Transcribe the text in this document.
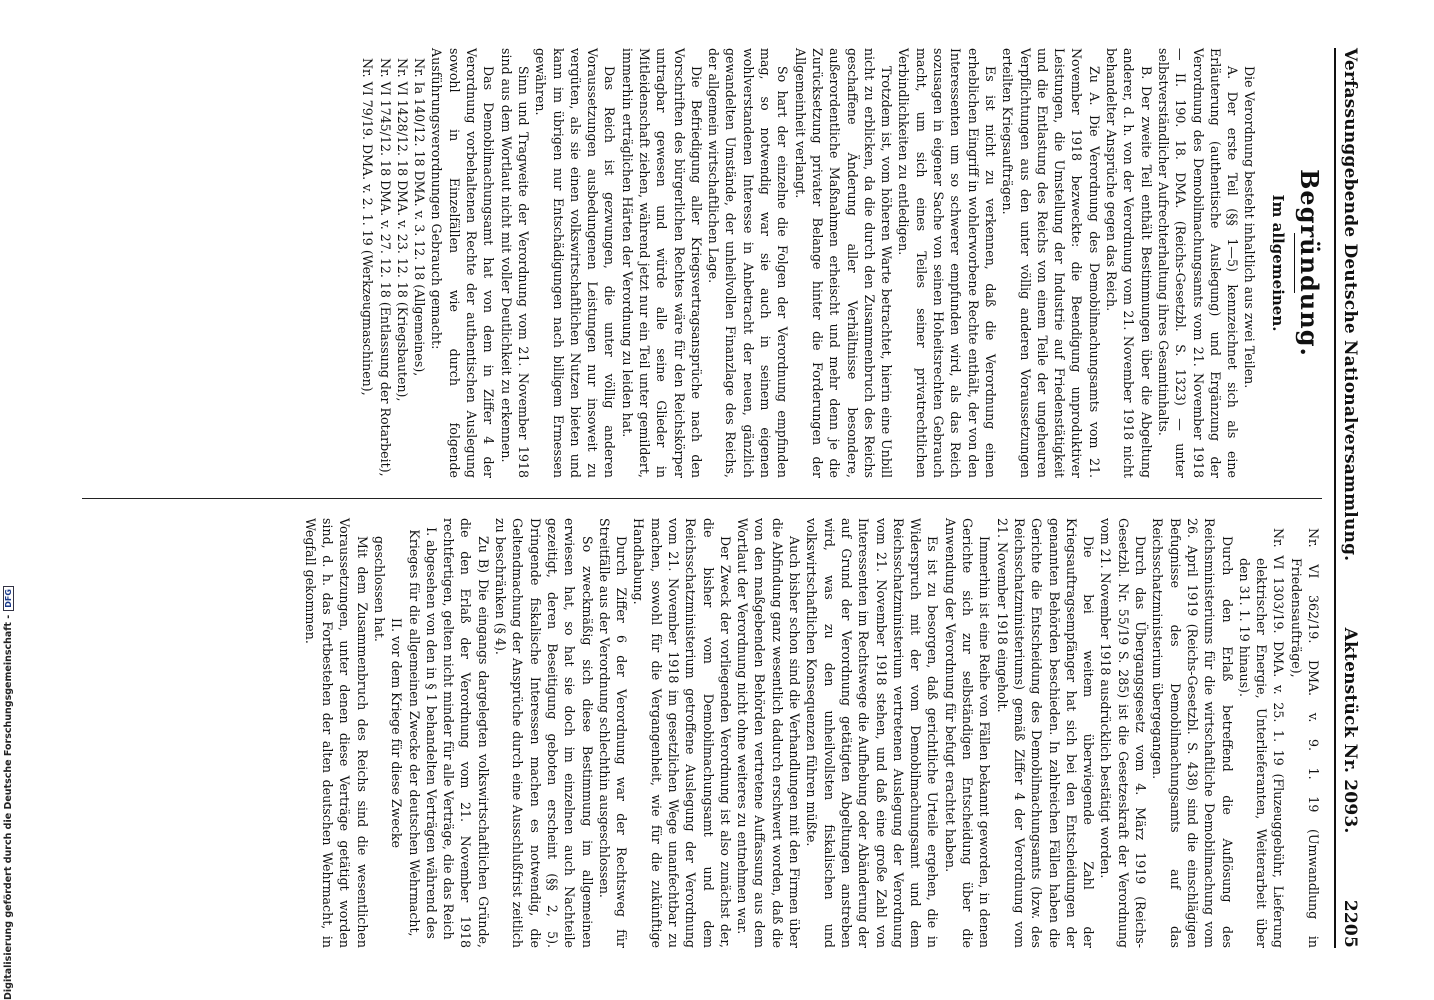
Verfassunggebende Deutsche Nationalversammlung.
Aktenstück Nr. 2093.
2205
Begründung.
Im allgemeinen.

Die Verordnung besteht inhaltlich aus zwei Teilen.

A. Der erste Teil (§§ 1—5) kennzeichnet sich als eine Erläuterung (authentische Auslegung) und Ergänzung der Verordnung des Demobilmachungsamts vom 21. November 1918 — II. 190. 18. DMA. (Reichs-Gesetzbl. S. 1323) — unter selbstverständlicher Aufrechterhaltung ihres Gesamtinhalts.

B. Der zweite Teil enthält Bestimmungen über die Abgeltung anderer, d. h. von der Verordnung vom 21. November 1918 nicht behandelter Ansprüche gegen das Reich.

Zu A. Die Verordnung des Demobilmachungsamts vom 21. November 1918 bezweckte: die Beendigung unproduktiver Leistungen, die Umstellung der Industrie auf Friedenstätigkeit und die Entlastung des Reichs von einem Teile der ungeheuren Verpflichtungen aus den unter völlig anderen Voraussetzungen erteilten Kriegsaufträgen.

Es ist nicht zu verkennen, daß die Verordnung einen erheblichen Eingriff in wohlerworbene Rechte enthält, der von den Interessenten um so schwerer empfunden wird, als das Reich sozusagen in eigener Sache von seinen Hoheitsrechten Gebrauch macht, um sich eines Teiles seiner privatrechtlichen Verbindlichkeiten zu entledigen.

Trotzdem ist, vom höheren Warte betrachtet, hierin eine Unbill nicht zu erblicken, da die durch den Zusammenbruch des Reichs geschaffene Änderung aller Verhältnisse besondere, außerordentliche Maßnahmen erheischt und mehr denn je die Zurücksetzung privater Belange hinter die Forderungen der Allgemeinheit verlangt.

So hart der einzelne die Folgen der Verordnung empfinden mag, so notwendig war sie auch in seinem eigenen wohlverstandenen Interesse in Anbetracht der neuen, gänzlich gewandelten Umstände, der unheilvollen Finanzlage des Reichs, der allgemein wirtschaftlichen Lage.

Die Befriedigung aller Kriegsvertragsansprüche nach den Vorschriften des bürgerlichen Rechtes wäre für den Reichskörper untragbar gewesen und würde alle seine Glieder in Mitleidenschaft ziehen, während jetzt nur ein Teil unter gemildert, immerhin erträglichen Härten der Verordnung zu leiden hat.

Das Reich ist gezwungen, die unter völlig anderen Voraussetzungen ausbedungenen Leistungen nur insoweit zu vergüten, als sie einen volkswirtschaftlichen Nutzen bieten und kann im übrigen nur Entschädigungen nach billigem Ermessen gewähren.

Sinn und Tragweite der Verordnung vom 21. November 1918 sind aus dem Wortlaut nicht mit voller Deutlichkeit zu erkennen.

Das Demobilmachungsamt hat von dem in Ziffer 4 der Verordnung vorbehaltenen Rechte der authentischen Auslegung sowohl in Einzelfällen wie durch folgende Ausführungsverordnungen Gebrauch gemacht:

Nr. Ia 140/12. 18 DMA. v. 3. 12. 18 (Allgemeines),

Nr. VI 1428/12. 18 DMA. v. 23. 12. 18 (Kriegsbauten),

Nr. VI 1745/12. 18 DMA. v. 27. 12. 18 (Entlassung der Rotarbeit),

Nr. VI 79/19. DMA. v. 2. 1. 19 (Werkzeugmaschinen),

Nr. VI 362/19. DMA. v. 9. 1. 19 (Umwandlung in Friedensaufträge),

Nr. VI 1303/19. DMA. v. 25. 1. 19 (Fluzeuggebühr, Lieferung elektrischer Energie, Unterlieferanten, Weiterarbeit über den 31. 1. 19 hinaus).

Durch den Erlaß betreffend die Auflösung des Reichsministeriums für die wirtschaftliche Demobilmachung vom 26. April 1919 (Reichs-Gesetzbl. S. 438) sind die einschlägigen Befugnisse des Demobilmachungsamts auf das Reichsschatzministerium übergegangen.

Durch das Übergangsgesetz vom 4. März 1919 (Reichs-Gesetzbl. Nr. 55/19 S. 285) ist die Gesetzeskraft der Verordnung vom 21. November 1918 ausdrücklich bestätigt worden.

Die bei weitem überwiegende Zahl der Kriegsauftragsempfänger hat sich bei den Entscheidungen der genannten Behörden beschieden. In zahlreichen Fällen haben die Gerichte die Entscheidung des Demobilmachungsamts (bzw. des Reichsschatzministeriums) gemäß Ziffer 4 der Verordnung vom 21. November 1918 eingeholt.

Immerhin ist eine Reihe von Fällen bekannt geworden, in denen Gerichte sich zur selbständigen Entscheidung über die Anwendung der Verordnung für befugt erachtet haben.

Es ist zu besorgen, daß gerichtliche Urteile ergehen, die in Widerspruch mit der vom Demobilmachungsamt und dem Reichsschatzministerium vertretenen Auslegung der Verordnung vom 21. November 1918 stehen, und daß eine große Zahl von Interessenten im Rechtswege die Aufhebung oder Abänderung der auf Grund der Verordnung getätigten Abgeltungen anstreben wird, was zu den unheilvollsten fiskalischen und volkswirtschaftlichen Konsequenzen führen müßte.

Auch bisher schon sind die Verhandlungen mit den Firmen über die Abfindung ganz wesentlich dadurch erschwert worden, daß die von den maßgebenden Behörden vertretene Auffassung aus dem Wortlaut der Verordnung nicht ohne weiteres zu entnehmen war.

Der Zweck der vorliegenden Verordnung ist also zunächst der, die bisher vom Demobilmachungsamt und dem Reichsschatzministerium getroffene Auslegung der Verordnung vom 21. November 1918 im gesetzlichen Wege unanfechtbar zu machen, sowohl für die Vergangenheit, wie für die zukünftige Handhabung.

Durch Ziffer 6 der Verordnung war der Rechtsweg für Streitfälle aus der Verordnung schlechthin ausgeschlossen.

So zweckmäßig sich diese Bestimmung im allgemeinen erwiesen hat, so hat sie doch im einzelnen auch Nachteile gezeitigt, deren Beseitigung geboten erscheint (§§ 2, 5). Dringende fiskalische Interessen machen es notwendig, die Geltendmachung der Ansprüche durch eine Ausschlußfrist zeitlich zu beschränken (§ 4).

Zu B) Die eingangs dargelegten volkswirtschaftlichen Gründe, die den Erlaß der Verordnung vom 21. November 1918 rechtfertigen, gelten nicht minder für alle Verträge, die das Reich

I. abgesehen von den in § 1 behandelten Verträgen während des Krieges für die allgemeinen Zwecke der deutschen Wehrmacht,

II. vor dem Kriege für diese Zwecke

geschlossen hat.

Mit dem Zusammenbruch des Reichs sind die wesentlichen Voraussetzungen, unter denen diese Verträge getätigt worden sind, d. h. das Fortbestehen der alten deutschen Wehrmacht, in Wegfall gekommen.

Digitalisierung gefördert durch die Deutsche Forschungsgemeinschaft -
DFG
